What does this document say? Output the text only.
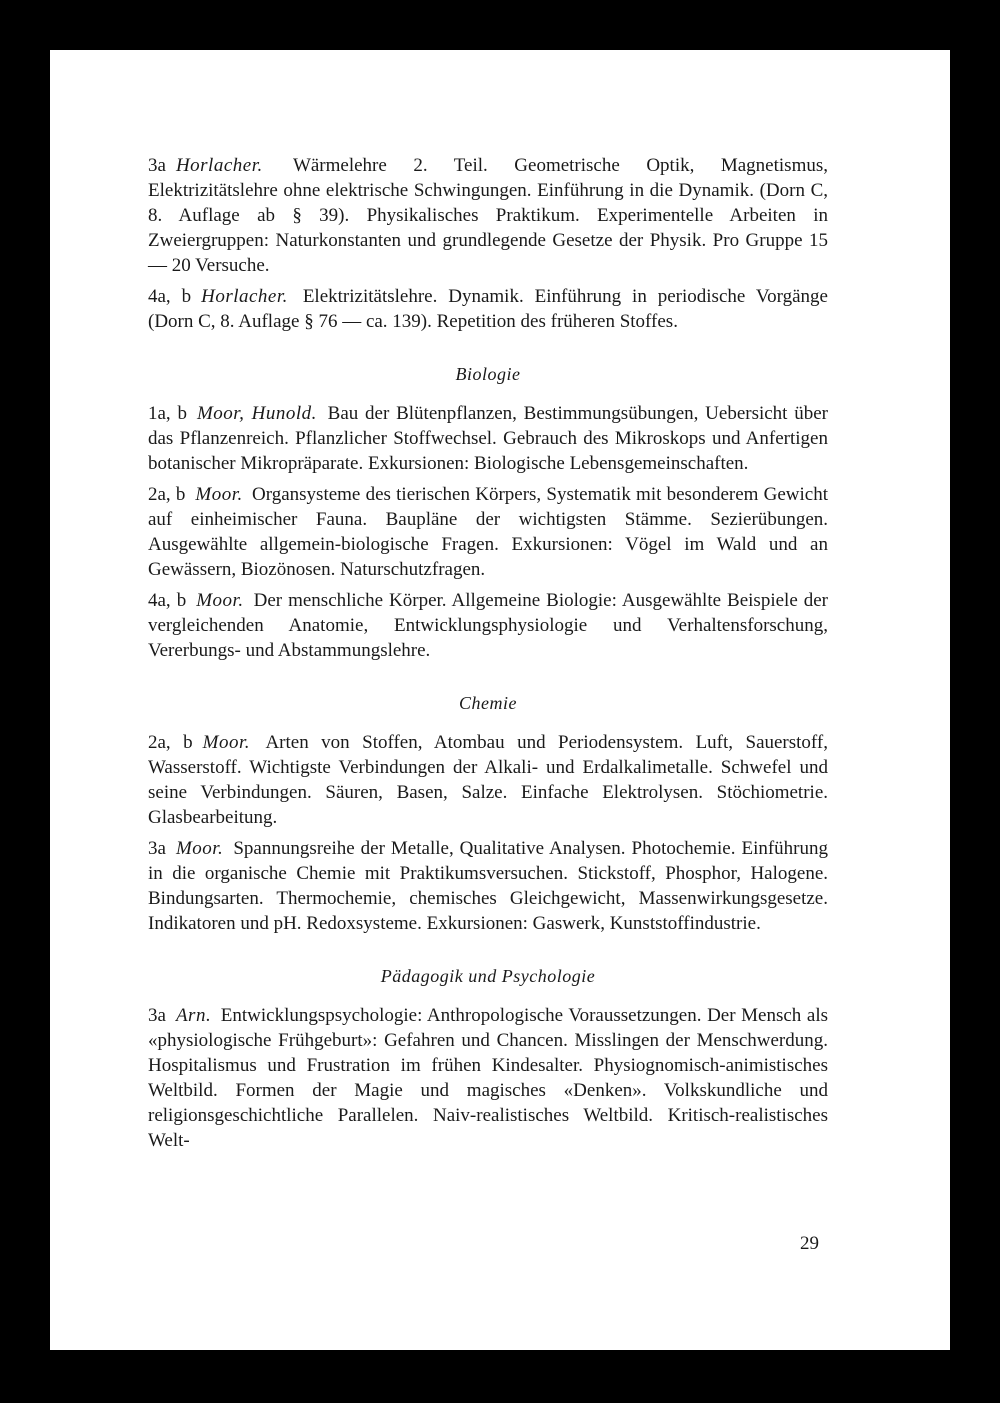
3a Horlacher. Wärmelehre 2. Teil. Geometrische Optik, Magnetismus, Elektrizitätslehre ohne elektrische Schwingungen. Einführung in die Dynamik. (Dorn C, 8. Auflage ab § 39). Physikalisches Praktikum. Experimentelle Arbeiten in Zweiergruppen: Naturkonstanten und grundlegende Gesetze der Physik. Pro Gruppe 15 — 20 Versuche.

4a, b Horlacher. Elektrizitätslehre. Dynamik. Einführung in periodische Vorgänge (Dorn C, 8. Auflage § 76 — ca. 139). Repetition des früheren Stoffes.

Biologie

1a, b Moor, Hunold. Bau der Blütenpflanzen, Bestimmungsübungen, Uebersicht über das Pflanzenreich. Pflanzlicher Stoffwechsel. Gebrauch des Mikroskops und Anfertigen botanischer Mikropräparate. Exkursionen: Biologische Lebensgemeinschaften.

2a, b Moor. Organsysteme des tierischen Körpers, Systematik mit besonderem Gewicht auf einheimischer Fauna. Baupläne der wichtigsten Stämme. Sezierübungen. Ausgewählte allgemein-biologische Fragen. Exkursionen: Vögel im Wald und an Gewässern, Biozönosen. Naturschutzfragen.

4a, b Moor. Der menschliche Körper. Allgemeine Biologie: Ausgewählte Beispiele der vergleichenden Anatomie, Entwicklungsphysiologie und Verhaltensforschung, Vererbungs- und Abstammungslehre.

Chemie

2a, b Moor. Arten von Stoffen, Atombau und Periodensystem. Luft, Sauerstoff, Wasserstoff. Wichtigste Verbindungen der Alkali- und Erdalkalimetalle. Schwefel und seine Verbindungen. Säuren, Basen, Salze. Einfache Elektrolysen. Stöchiometrie. Glasbearbeitung.

3a Moor. Spannungsreihe der Metalle, Qualitative Analysen. Photochemie. Einführung in die organische Chemie mit Praktikumsversuchen. Stickstoff, Phosphor, Halogene. Bindungsarten. Thermochemie, chemisches Gleichgewicht, Massenwirkungsgesetze. Indikatoren und pH. Redoxsysteme. Exkursionen: Gaswerk, Kunststoffindustrie.

Pädagogik und Psychologie

3a Arn. Entwicklungspsychologie: Anthropologische Voraussetzungen. Der Mensch als «physiologische Frühgeburt»: Gefahren und Chancen. Misslingen der Menschwerdung. Hospitalismus und Frustration im frühen Kindesalter. Physiognomisch-animistisches Weltbild. Formen der Magie und magisches «Denken». Volkskundliche und religionsgeschichtliche Parallelen. Naiv-realistisches Weltbild. Kritisch-realistisches Welt-

29
